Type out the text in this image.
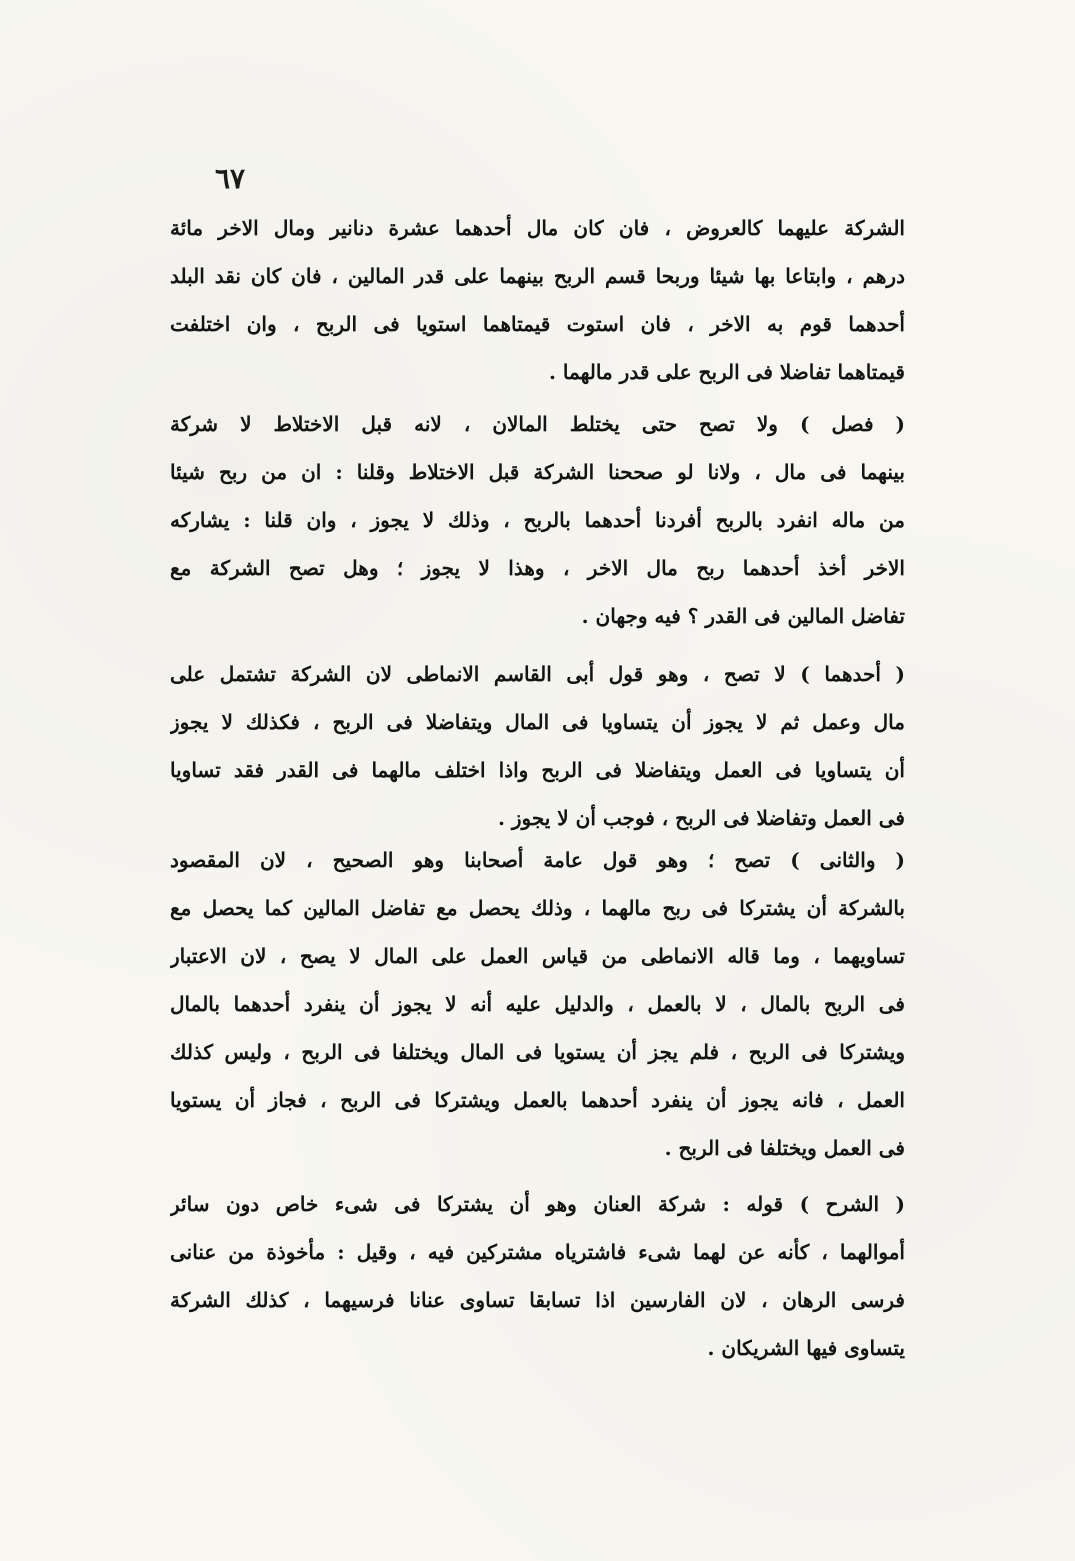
٦٧
الشركة عليهما كالعروض ، فان كان مال أحدهما عشرة دنانير ومال الاخر مائة
درهم ، وابتاعا بها شيئا وربحا قسم الربح بينهما على قدر المالين ، فان كان نقد البلد
أحدهما قوم به الاخر ، فان استوت قيمتاهما استويا فى الربح ، وان اختلفت
قيمتاهما تفاضلا فى الربح على قدر مالهما .
( فصل ) ولا تصح حتى يختلط المالان ، لانه قبل الاختلاط لا شركة
بينهما فى مال ، ولانا لو صححنا الشركة قبل الاختلاط وقلنا : ان من ربح شيئا
من ماله انفرد بالربح أفردنا أحدهما بالربح ، وذلك لا يجوز ، وان قلنا : يشاركه
الاخر أخذ أحدهما ربح مال الاخر ، وهذا لا يجوز ؛ وهل تصح الشركة مع
تفاضل المالين فى القدر ؟ فيه وجهان .
( أحدهما ) لا تصح ، وهو قول أبى القاسم الانماطى لان الشركة تشتمل على
مال وعمل ثم لا يجوز أن يتساويا فى المال ويتفاضلا فى الربح ، فكذلك لا يجوز
أن يتساويا فى العمل ويتفاضلا فى الربح واذا اختلف مالهما فى القدر فقد تساويا
فى العمل وتفاضلا فى الربح ، فوجب أن لا يجوز .
( والثانى ) تصح ؛ وهو قول عامة أصحابنا وهو الصحيح ، لان المقصود
بالشركة أن يشتركا فى ربح مالهما ، وذلك يحصل مع تفاضل المالين كما يحصل مع
تساويهما ، وما قاله الانماطى من قياس العمل على المال لا يصح ، لان الاعتبار
فى الربح بالمال ، لا بالعمل ، والدليل عليه أنه لا يجوز أن ينفرد أحدهما بالمال
ويشتركا فى الربح ، فلم يجز أن يستويا فى المال ويختلفا فى الربح ، وليس كذلك
العمل ، فانه يجوز أن ينفرد أحدهما بالعمل ويشتركا فى الربح ، فجاز أن يستويا
فى العمل ويختلفا فى الربح .
( الشرح ) قوله : شركة العنان وهو أن يشتركا فى شىء خاص دون سائر
أموالهما ، كأنه عن لهما شىء فاشترياه مشتركين فيه ، وقيل : مأخوذة من عنانى
فرسى الرهان ، لان الفارسين اذا تسابقا تساوى عنانا فرسيهما ، كذلك الشركة
يتساوى فيها الشريكان .
